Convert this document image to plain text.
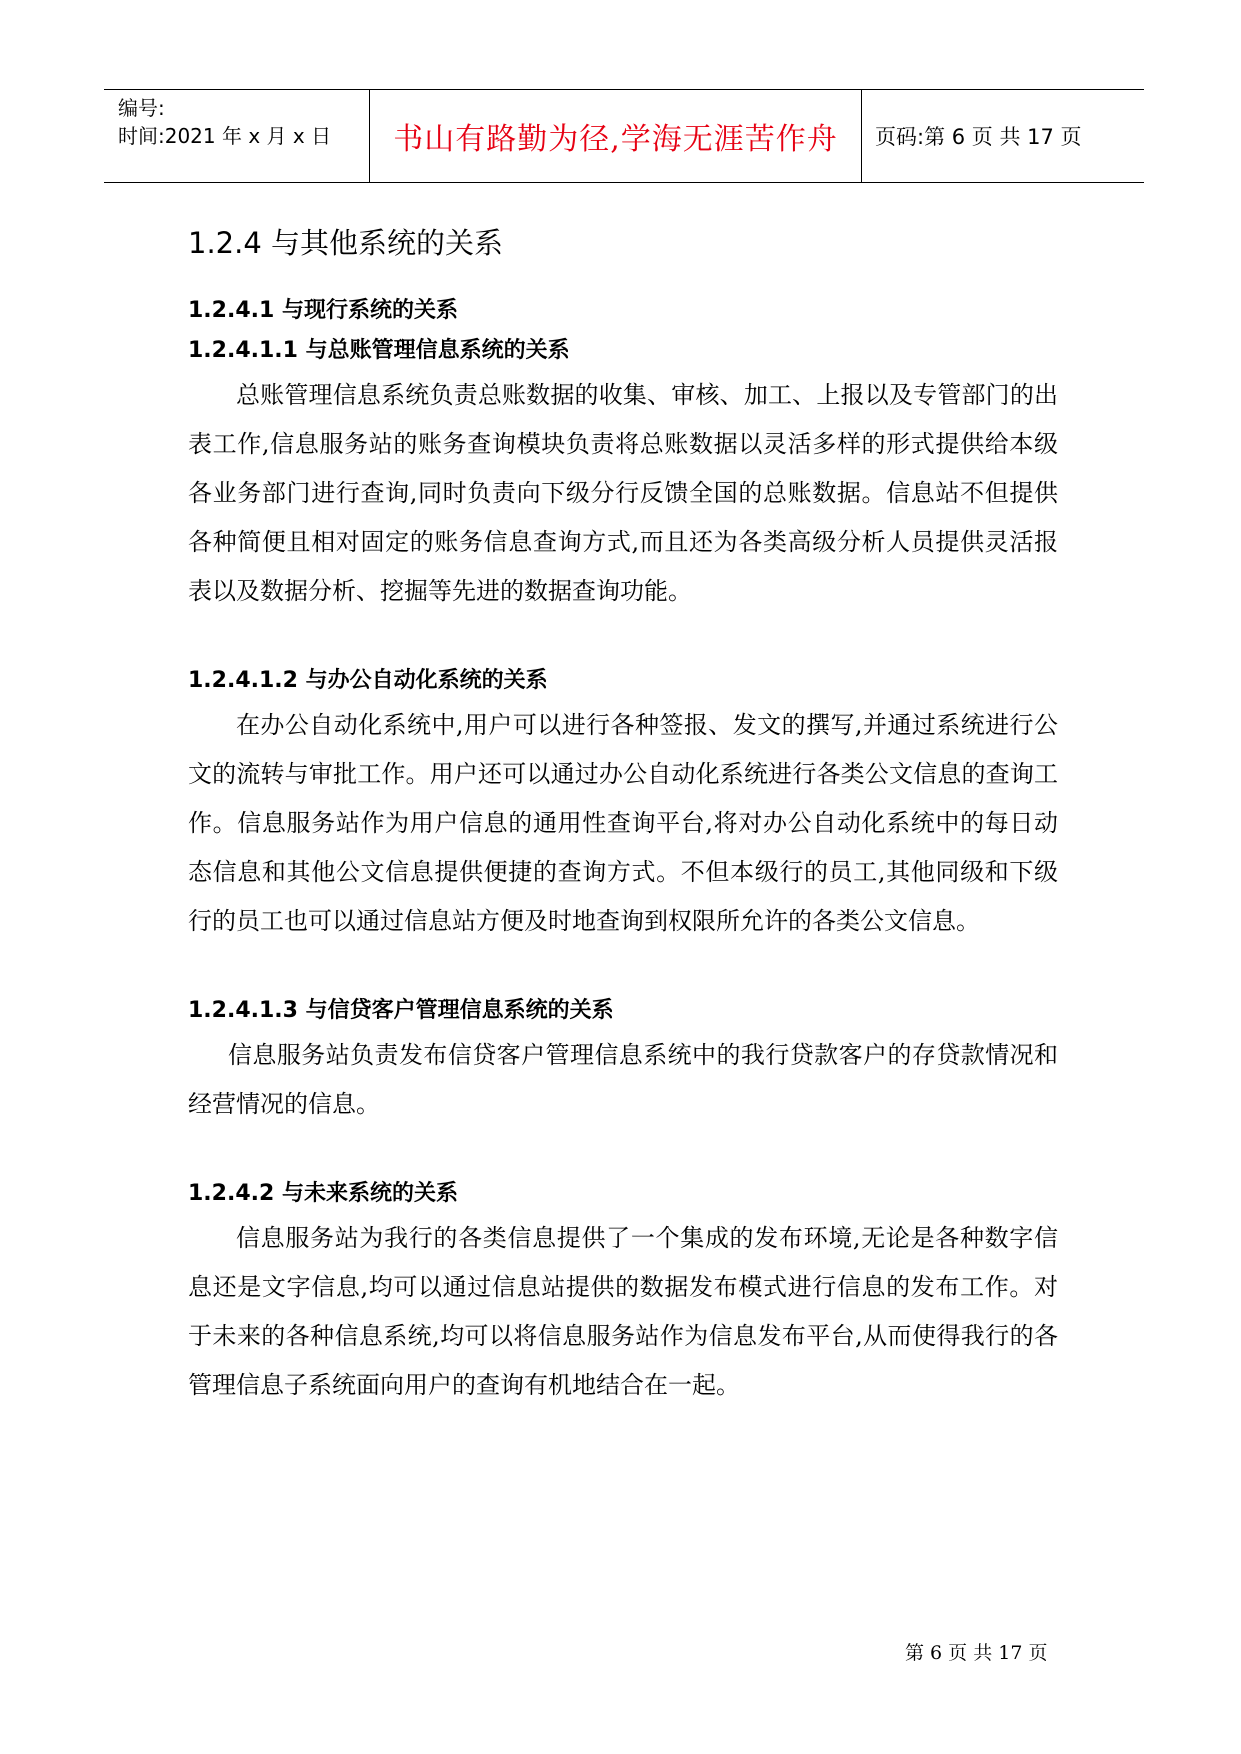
编号:
时间:2021 年 x 月 x 日	书山有路勤为径,学海无涯苦作舟	页码:第 6 页 共 17 页
1.2.4 与其他系统的关系
1.2.4.1 与现行系统的关系
1.2.4.1.1 与总账管理信息系统的关系

总账管理信息系统负责总账数据的收集、审核、加工、上报以及专管部门的出表工作,信息服务站的账务查询模块负责将总账数据以灵活多样的形式提供给本级各业务部门进行查询,同时负责向下级分行反馈全国的总账数据。信息站不但提供各种简便且相对固定的账务信息查询方式,而且还为各类高级分析人员提供灵活报表以及数据分析、挖掘等先进的数据查询功能。

1.2.4.1.2 与办公自动化系统的关系

在办公自动化系统中,用户可以进行各种签报、发文的撰写,并通过系统进行公文的流转与审批工作。用户还可以通过办公自动化系统进行各类公文信息的查询工作。信息服务站作为用户信息的通用性查询平台,将对办公自动化系统中的每日动态信息和其他公文信息提供便捷的查询方式。不但本级行的员工,其他同级和下级行的员工也可以通过信息站方便及时地查询到权限所允许的各类公文信息。

1.2.4.1.3 与信贷客户管理信息系统的关系

信息服务站负责发布信贷客户管理信息系统中的我行贷款客户的存贷款情况和经营情况的信息。

1.2.4.2 与未来系统的关系

信息服务站为我行的各类信息提供了一个集成的发布环境,无论是各种数字信息还是文字信息,均可以通过信息站提供的数据发布模式进行信息的发布工作。对于未来的各种信息系统,均可以将信息服务站作为信息发布平台,从而使得我行的各管理信息子系统面向用户的查询有机地结合在一起。

第 6 页 共 17 页
